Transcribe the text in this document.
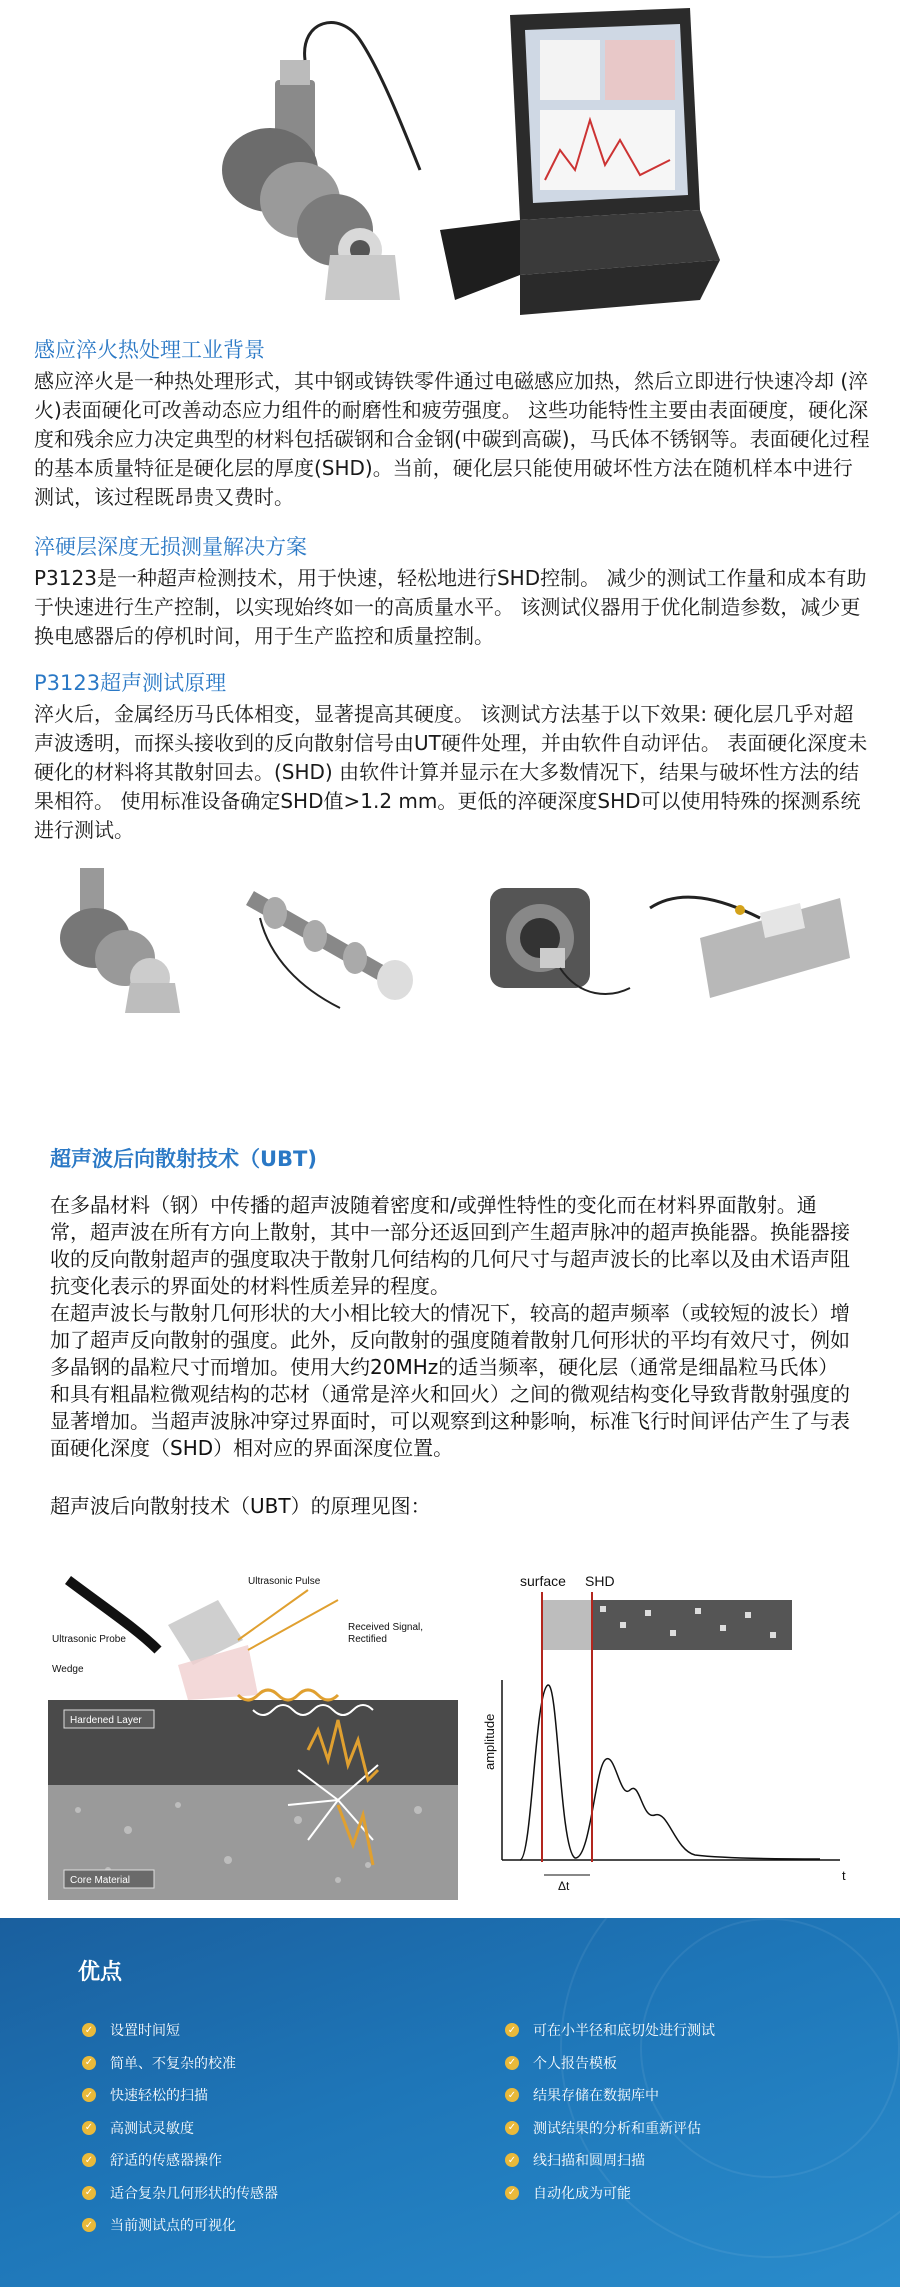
感应淬火热处理工业背景

感应淬火是一种热处理形式，其中钢或铸铁零件通过电磁感应加热，然后立即进行快速冷却 (淬火)表面硬化可改善动态应力组件的耐磨性和疲劳强度。 这些功能特性主要由表面硬度，硬化深度和残余应力决定典型的材料包括碳钢和合金钢(中碳到高碳)，马氏体不锈钢等。表面硬化过程的基本质量特征是硬化层的厚度(SHD)。当前，硬化层只能使用破坏性方法在随机样本中进行测试，该过程既昂贵又费时。

淬硬层深度无损测量解决方案

P3123是一种超声检测技术，用于快速，轻松地进行SHD控制。 减少的测试工作量和成本有助于快速进行生产控制，以实现始终如一的高质量水平。 该测试仪器用于优化制造参数，减少更换电感器后的停机时间，用于生产监控和质量控制。

P3123超声测试原理

淬火后，金属经历马氏体相变，显著提高其硬度。 该测试方法基于以下效果: 硬化层几乎对超声波透明，而探头接收到的反向散射信号由UT硬件处理，并由软件自动评估。 表面硬化深度未硬化的材料将其散射回去。(SHD) 由软件计算并显示在大多数情况下，结果与破坏性方法的结果相符。 使用标准设备确定SHD值>1.2 mm。更低的淬硬深度SHD可以使用特殊的探测系统进行测试。

超声波后向散射技术（UBT)

在多晶材料（钢）中传播的超声波随着密度和/或弹性特性的变化而在材料界面散射。通常，超声波在所有方向上散射，其中一部分还返回到产生超声脉冲的超声换能器。换能器接收的反向散射超声的强度取决于散射几何结构的几何尺寸与超声波长的比率以及由术语声阻抗变化表示的界面处的材料性质差异的程度。

在超声波长与散射几何形状的大小相比较大的情况下，较高的超声频率（或较短的波长）增加了超声反向散射的强度。此外，反向散射的强度随着散射几何形状的平均有效尺寸，例如多晶钢的晶粒尺寸而增加。使用大约20MHz的适当频率，硬化层（通常是细晶粒马氏体）和具有粗晶粒微观结构的芯材（通常是淬火和回火）之间的微观结构变化导致背散射强度的显著增加。当超声波脉冲穿过界面时，可以观察到这种影响，标准飞行时间评估产生了与表面硬化深度（SHD）相对应的界面深度位置。

超声波后向散射技术（UBT）的原理见图：

Ultrasonic Pulse
Ultrasonic Probe
Wedge
Received Signal,
Rectified
Hardened Layer
Core Material
surface SHD
amplitude
Δt
t
优点
✓ 设置时间短
✓ 简单、不复杂的校准
✓ 快速轻松的扫描
✓ 高测试灵敏度
✓ 舒适的传感器操作
✓ 适合复杂几何形状的传感器
✓ 当前测试点的可视化
✓ 可在小半径和底切处进行测试
✓ 个人报告模板
✓ 结果存储在数据库中
✓ 测试结果的分析和重新评估
✓ 线扫描和圆周扫描
✓ 自动化成为可能
